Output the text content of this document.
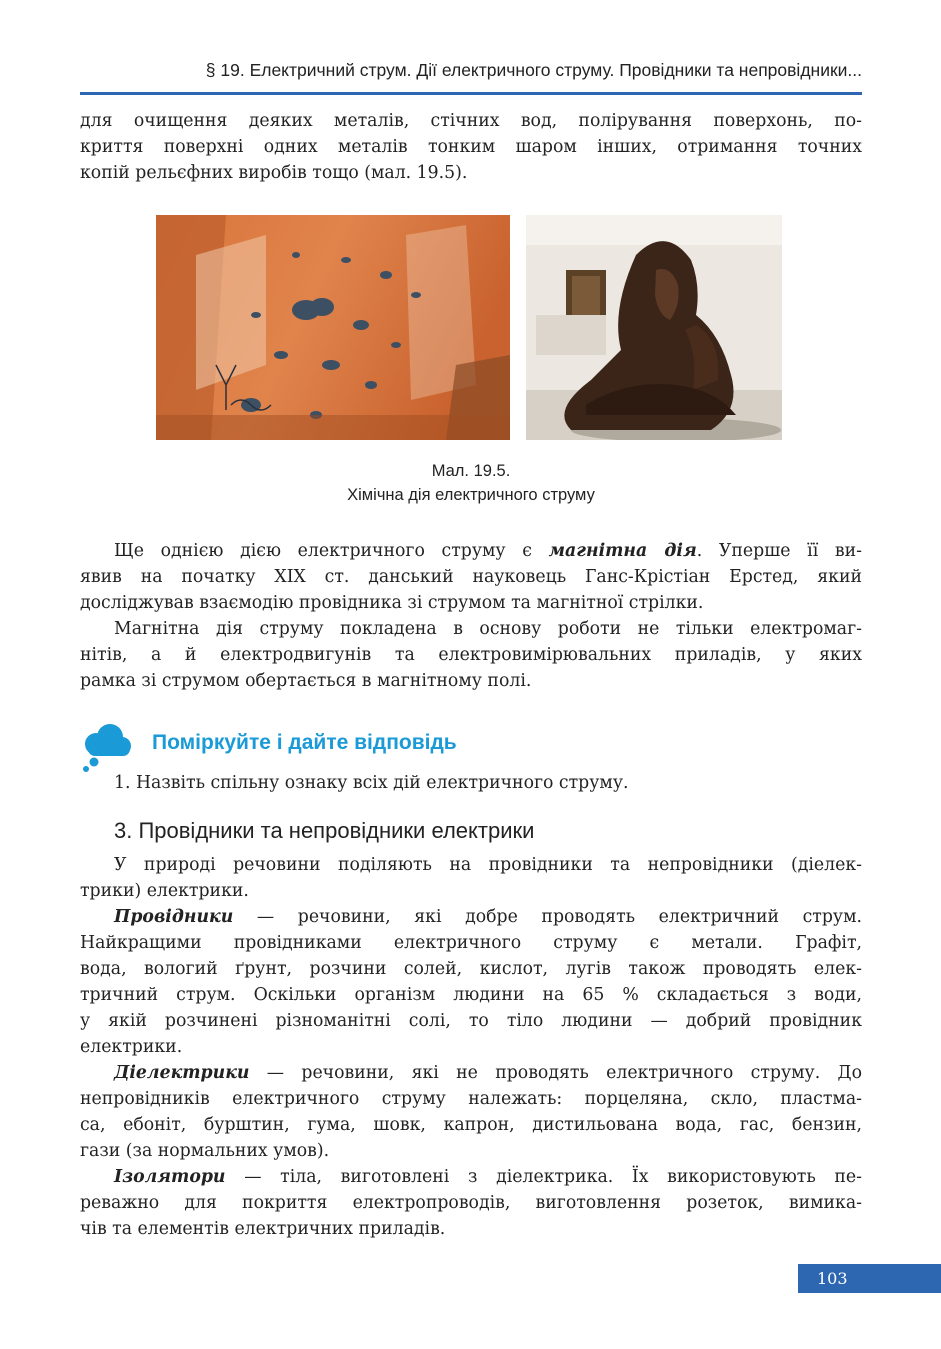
§ 19. Електричний струм. Дії електричного струму. Провідники та непровідники...

для очищення деяких металів, стічних вод, полірування поверхонь, по-
криття поверхні одних металів тонким шаром інших, отримання точних
копій рельєфних виробів тощо (мал. 19.5).

Мал. 19.5.
Хімічна дія електричного струму

Ще однією дією електричного струму є магнітна дія. Уперше її ви-
явив на початку XIX ст. данський науковець Ганс-Крістіан Ерстед, який
досліджував взаємодію провідника зі струмом та магнітної стрілки.

Магнітна дія струму покладена в основу роботи не тільки електромаг-
нітів, а й електродвигунів та електровимірювальних приладів, у яких
рамка зі струмом обертається в магнітному полі.

Поміркуйте і дайте відповідь

1. Назвіть спільну ознаку всіх дій електричного струму.

3. Провідники та непровідники електрики

У природі речовини поділяють на провідники та непровідники (діелек-
трики) електрики.

Провідники — речовини, які добре проводять електричний струм.
Найкращими провідниками електричного струму є метали. Графіт,
вода, вологий ґрунт, розчини солей, кислот, лугів також проводять елек-
тричний струм. Оскільки організм людини на 65 % складається з води,
у якій розчинені різноманітні солі, то тіло людини — добрий провідник
електрики.

Діелектрики — речовини, які не проводять електричного струму. До
непровідників електричного струму належать: порцеляна, скло, пластма-
са, ебоніт, бурштин, гума, шовк, капрон, дистильована вода, гас, бензин,
гази (за нормальних умов).

Ізолятори — тіла, виготовлені з діелектрика. Їх використовують пе-
реважно для покриття електропроводів, виготовлення розеток, вимика-
чів та елементів електричних приладів.

103
